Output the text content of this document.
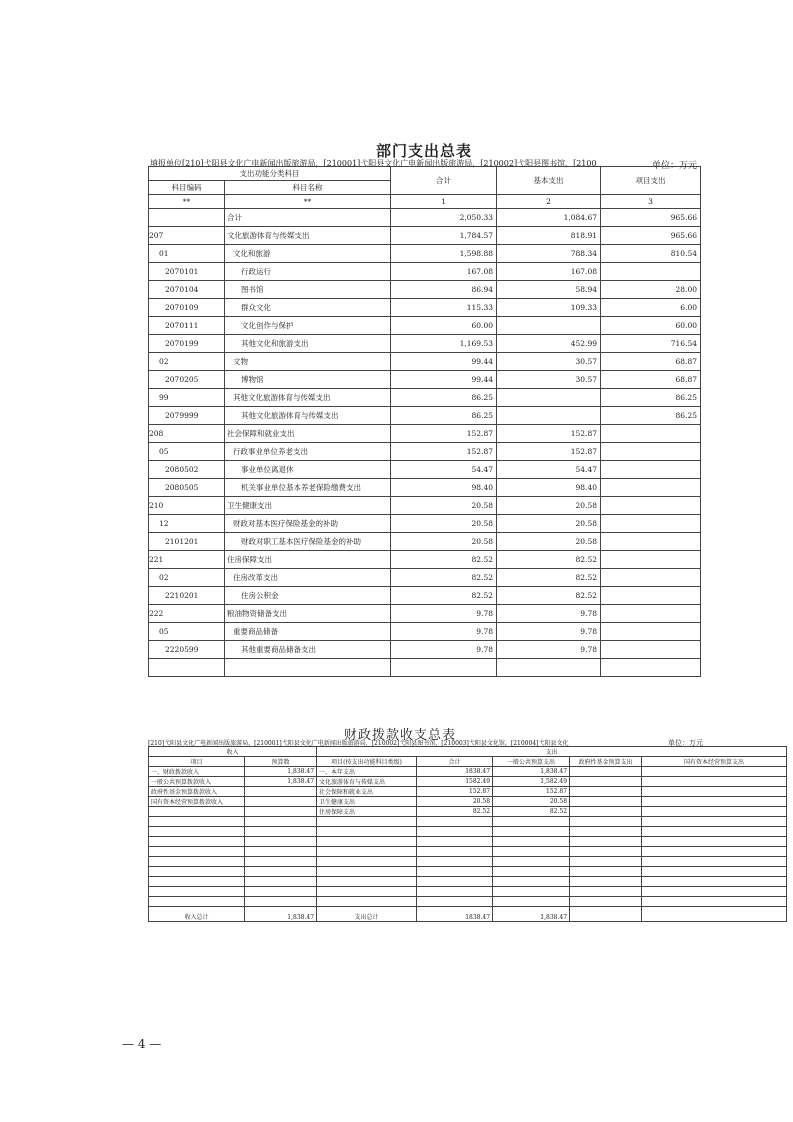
部门支出总表
填报单位[210]弋阳县文化广电新闻出版旅游局，[210001]弋阳县文化广电新闻出版旅游局，[210002]弋阳县图书馆，[2100	单位：万元
支出功能分类科目		合计	基本支出	项目支出
科目编码	科目名称			
**	**	1	2	3
	合计	2,050.33	1,084.67	965.66
207	文化旅游体育与传媒支出	1,784.57	818.91	965.66
01	文化和旅游	1,598.88	788.34	810.54
2070101	行政运行	167.08	167.08	
2070104	图书馆	86.94	58.94	28.00
2070109	群众文化	115.33	109.33	6.00
2070111	文化创作与保护	60.00		60.00
2070199	其他文化和旅游支出	1,169.53	452.99	716.54
02	文物	99.44	30.57	68.87
2070205	博物馆	99.44	30.57	68.87
99	其他文化旅游体育与传媒支出	86.25		86.25
2079999	其他文化旅游体育与传媒支出	86.25		86.25
208	社会保障和就业支出	152.87	152.87	
05	行政事业单位养老支出	152.87	152.87	
2080502	事业单位离退休	54.47	54.47	
2080505	机关事业单位基本养老保险缴费支出	98.40	98.40	
210	卫生健康支出	20.58	20.58	
12	财政对基本医疗保险基金的补助	20.58	20.58	
2101201	财政对职工基本医疗保险基金的补助	20.58	20.58	
221	住房保障支出	82.52	82.52	
02	住房改革支出	82.52	82.52	
2210201	住房公积金	82.52	82.52	
222	粮油物资储备支出	9.78	9.78	
05	重要商品储备	9.78	9.78	
2220599	其他重要商品储备支出	9.78	9.78	

财政拨款收支总表
[210]弋阳县文化广电新闻出版旅游局，[210001]弋阳县文化广电新闻出版旅游局，[210002]弋阳县图书馆，[210003]弋阳县文化馆，[210004]弋阳县文化	单位：万元
收入		支出				
项目	预算数	项目(按支出功能科目类级)	合计	一般公共预算支出	政府性基金预算支出	国有资本经营预算支出
一、财政拨款收入	1,838.47	一、本年支出	1838.47	1,838.47		
一般公共预算拨款收入	1,838.47	文化旅游体育与传媒支出	1582.49	1,582.49		
政府性基金预算拨款收入		社会保障和就业支出	152.87	152.87		
国有资本经营预算拨款收入		卫生健康支出	20.58	20.58		
		住房保障支出	82.52	82.52		

收入总计	1,838.47	支出总计	1838.47	1,838.47		
— 4 —
